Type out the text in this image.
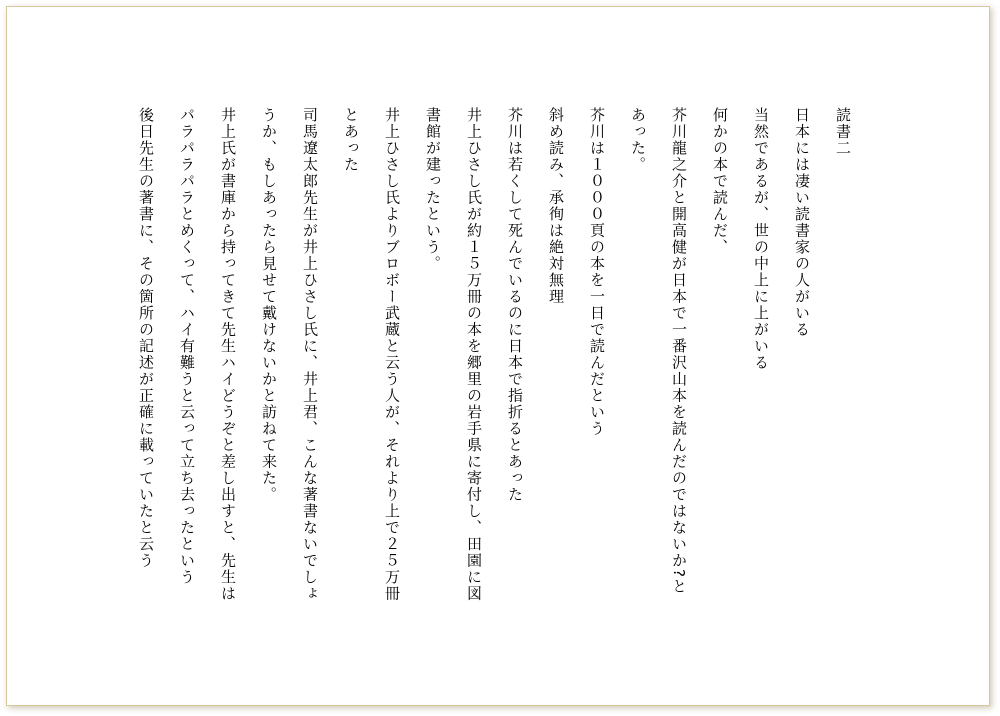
読書二
日本には凄い読書家の人がいる
当然であるが、世の中上に上がいる
何かの本で読んだ、
芥川龍之介と開高健が日本で一番沢山本を読んだのではないか?と
あった。
芥川は１０００頁の本を一日で読んだという
斜め読み、承徇は絶対無理
芥川は若くして死んでいるのに日本で指折るとあった
井上ひさし氏が約１５万冊の本を郷里の岩手県に寄付し、田園に図
書館が建ったという。
井上ひさし氏よりブロボー武蔵と云う人が、それより上で２５万冊
とあった
司馬遼太郎先生が井上ひさし氏に、井上君、こんな著書ないでしょ
うか、もしあったら見せて戴けないかと訪ねて来た。
井上氏が書庫から持ってきて先生ハイどうぞと差し出すと、先生は
パラパラパラとめくって、ハイ有難うと云って立ち去ったという
後日先生の著書に、その箇所の記述が正確に載っていたと云う
